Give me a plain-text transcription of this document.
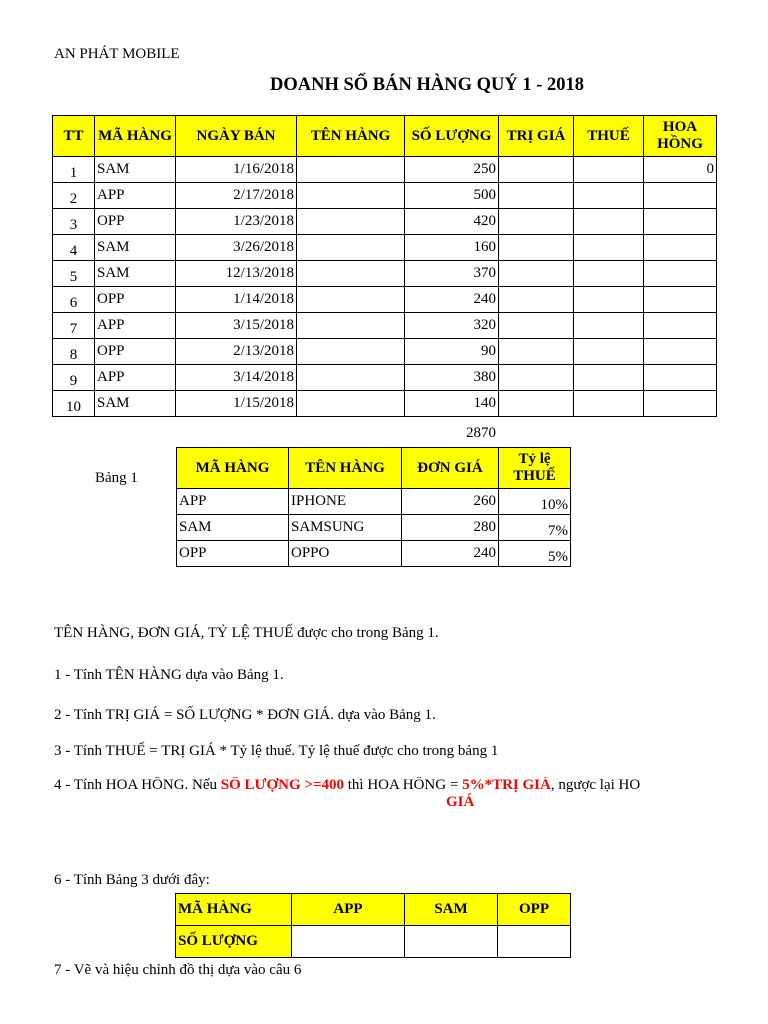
AN PHÁT MOBILE
DOANH SỐ BÁN HÀNG QUÝ 1 - 2018
TT	MÃ HÀNG	NGÀY BÁN	TÊN HÀNG	SỐ LƯỢNG	TRỊ GIÁ	THUẾ	HOA HỒNG
1	SAM	1/16/2018		250			0
2	APP	2/17/2018		500			
3	OPP	1/23/2018		420			
4	SAM	3/26/2018		160			
5	SAM	12/13/2018		370			
6	OPP	1/14/2018		240			
7	APP	3/15/2018		320			
8	OPP	2/13/2018		90			
9	APP	3/14/2018		380			
10	SAM	1/15/2018		140			
2870
Bảng 1
MÃ HÀNG	TÊN HÀNG	ĐƠN GIÁ	Tỷ lệ THUẾ
APP	IPHONE	260	10%
SAM	SAMSUNG	280	7%
OPP	OPPO	240	5%
TÊN HÀNG, ĐƠN GIÁ, TỶ LỆ THUẾ được cho trong Bảng 1.
1 - Tính TÊN HÀNG dựa vào Bảng 1.
2 - Tính TRỊ GIÁ = SỐ LƯỢNG * ĐƠN GIÁ. dựa vào Bảng 1.
3 - Tính THUẾ = TRỊ GIÁ * Tỷ lệ thuế. Tỷ lệ thuế được cho trong bảng 1
4 - Tính HOA HỒNG. Nếu SỐ LƯỢNG >=400 thì HOA HỒNG = 5%*TRỊ GIÁ, ngược lại HO
GIÁ
6 - Tính Bảng 3 dưới đây:
MÃ HÀNG	APP	SAM	OPP
SỐ LƯỢNG			
7 - Vẽ và hiệu chỉnh đồ thị dựa vào câu 6
